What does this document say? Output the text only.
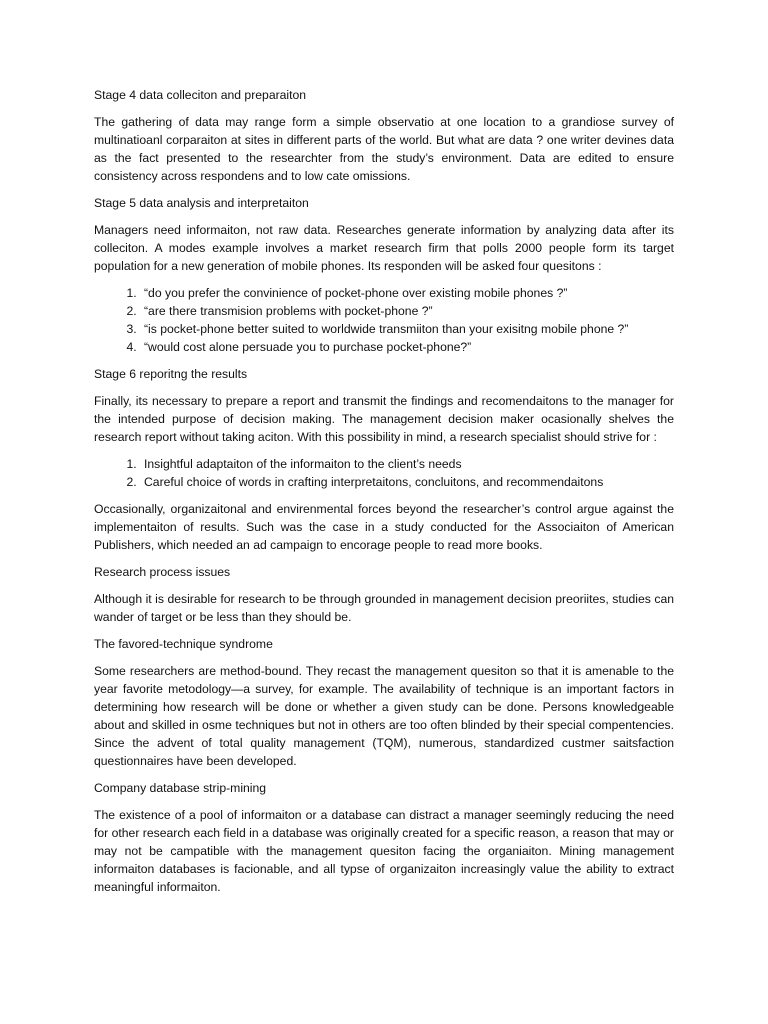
Stage 4 data colleciton and preparaiton

The gathering of data may range form a simple observatio at one location to a grandiose survey of multinatioanl corparaiton at sites in different parts of the world. But what are data ? one writer devines data as the fact presented to the researchter from the study’s environment. Data are edited to ensure consistency across respondens and to low cate omissions.

Stage 5 data analysis and interpretaiton

Managers need informaiton, not raw data. Researches generate information by analyzing data after its colleciton. A modes example involves a market research firm that polls 2000 people form its target population for a new generation of mobile phones. Its responden will be asked four quesitons :

1. “do you prefer the convinience of pocket-phone over existing mobile phones ?”
2. “are there transmision problems with pocket-phone ?”
3. “is pocket-phone better suited to worldwide transmiiton than your exisitng mobile phone ?”
4. “would cost alone persuade you to purchase pocket-phone?”

Stage 6 reporitng the results

Finally, its necessary to prepare a report and transmit the findings and recomendaitons to the manager for the intended purpose of decision making. The management decision maker ocasionally shelves the research report without taking aciton. With this possibility in mind, a research specialist should strive for :

1. Insightful adaptaiton of the informaiton to the client’s needs
2. Careful choice of words in crafting interpretaitons, concluitons, and recommendaitons

Occasionally, organizaitonal and envirenmental forces beyond the researcher’s control argue against the implementaiton of results. Such was the case in a study conducted for the Associaiton of American Publishers, which needed an ad campaign to encorage people to read more books.

Research process issues

Although it is desirable for research to be through grounded in management decision preoriites, studies can wander of target or be less than they should be.

The favored-technique syndrome

Some researchers are method-bound. They recast the management quesiton so that it is amenable to the year favorite metodology—a survey, for example. The availability of technique is an important factors in determining how research will be done or whether a given study can be done. Persons knowledgeable about and skilled in osme techniques but not in others are too often blinded by their special compentencies. Since the advent of total quality management (TQM), numerous, standardized custmer saitsfaction questionnaires have been developed.

Company database strip-mining

The existence of a pool of informaiton or a database can distract a manager seemingly reducing the need for other research each field in a database was originally created for a specific reason, a reason that may or may not be campatible with the management quesiton facing the organiaiton. Mining management informaiton databases is facionable, and all typse of organizaiton increasingly value the ability to extract meaningful informaiton.
